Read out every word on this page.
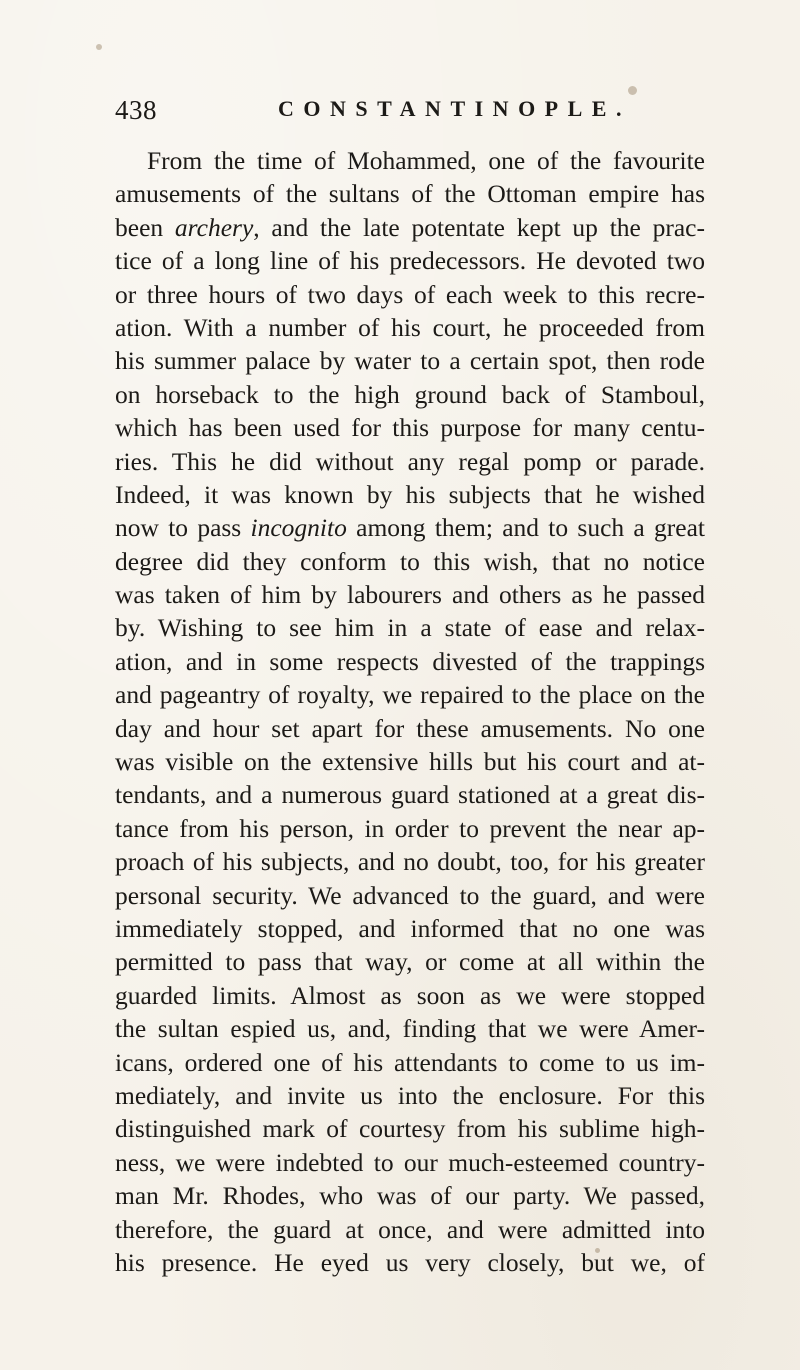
438	CONSTANTINOPLE.
From the time of Mohammed, one of the favourite
amusements of the sultans of the Ottoman empire has
been archery, and the late potentate kept up the prac-
tice of a long line of his predecessors. He devoted two
or three hours of two days of each week to this recre-
ation. With a number of his court, he proceeded from
his summer palace by water to a certain spot, then rode
on horseback to the high ground back of Stamboul,
which has been used for this purpose for many centu-
ries. This he did without any regal pomp or parade.
Indeed, it was known by his subjects that he wished
now to pass incognito among them; and to such a great
degree did they conform to this wish, that no notice
was taken of him by labourers and others as he passed
by. Wishing to see him in a state of ease and relax-
ation, and in some respects divested of the trappings
and pageantry of royalty, we repaired to the place on the
day and hour set apart for these amusements. No one
was visible on the extensive hills but his court and at-
tendants, and a numerous guard stationed at a great dis-
tance from his person, in order to prevent the near ap-
proach of his subjects, and no doubt, too, for his greater
personal security. We advanced to the guard, and were
immediately stopped, and informed that no one was
permitted to pass that way, or come at all within the
guarded limits. Almost as soon as we were stopped
the sultan espied us, and, finding that we were Amer-
icans, ordered one of his attendants to come to us im-
mediately, and invite us into the enclosure. For this
distinguished mark of courtesy from his sublime high-
ness, we were indebted to our much-esteemed country-
man Mr. Rhodes, who was of our party. We passed,
therefore, the guard at once, and were admitted into
his presence. He eyed us very closely, but we, of
